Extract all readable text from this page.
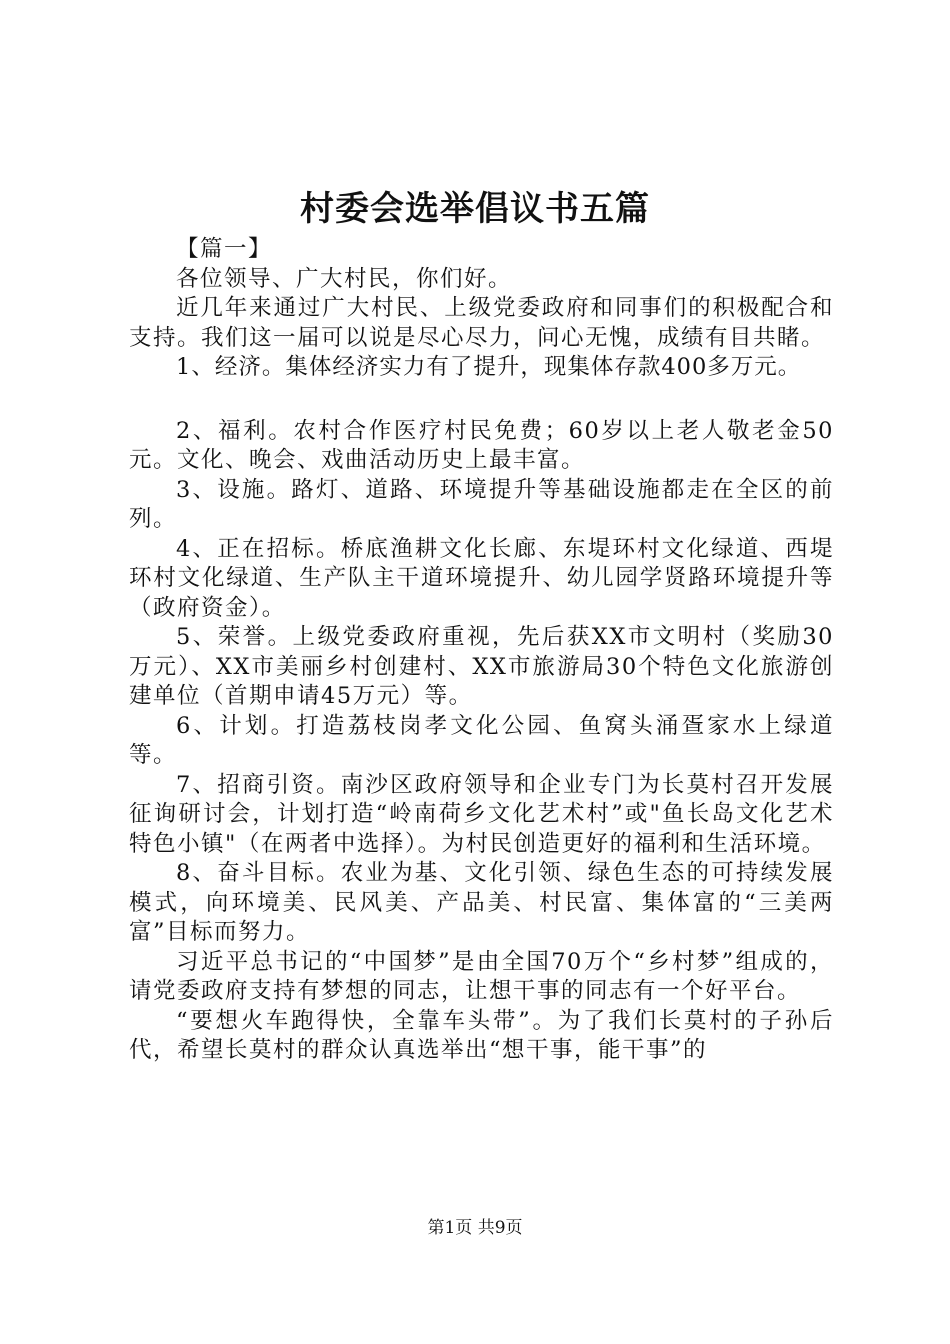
村委会选举倡议书五篇

【篇一】

各位领导、广大村民，你们好。

近几年来通过广大村民、上级党委政府和同事们的积极配合和支持。我们这一届可以说是尽心尽力，问心无愧，成绩有目共睹。

1、经济。集体经济实力有了提升，现集体存款400多万元。

2、福利。农村合作医疗村民免费；60岁以上老人敬老金50元。文化、晚会、戏曲活动历史上最丰富。

3、设施。路灯、道路、环境提升等基础设施都走在全区的前列。

4、正在招标。桥底渔耕文化长廊、东堤环村文化绿道、西堤环村文化绿道、生产队主干道环境提升、幼儿园学贤路环境提升等（政府资金）。

5、荣誉。上级党委政府重视，先后获XX市文明村（奖励30万元）、XX市美丽乡村创建村、XX市旅游局30个特色文化旅游创建单位（首期申请45万元）等。

6、计划。打造荔枝岗孝文化公园、鱼窝头涌疍家水上绿道等。

7、招商引资。南沙区政府领导和企业专门为长莫村召开发展征询研讨会，计划打造“岭南荷乡文化艺术村”或"鱼长岛文化艺术特色小镇"（在两者中选择）。为村民创造更好的福利和生活环境。

8、奋斗目标。农业为基、文化引领、绿色生态的可持续发展模式，向环境美、民风美、产品美、村民富、集体富的“三美两富”目标而努力。

习近平总书记的“中国梦”是由全国70万个“乡村梦”组成的，请党委政府支持有梦想的同志，让想干事的同志有一个好平台。

“要想火车跑得快，全靠车头带”。为了我们长莫村的子孙后代，希望长莫村的群众认真选举出“想干事，能干事”的

第1页 共9页
